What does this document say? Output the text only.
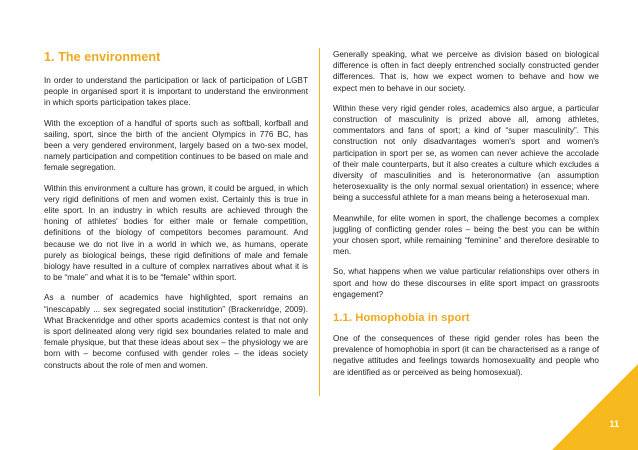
1. The environment

In order to understand the participation or lack of participation of LGBT people in organised sport it is important to understand the environment in which sports participation takes place.

With the exception of a handful of sports such as softball, korfball and sailing, sport, since the birth of the ancient Olympics in 776 BC, has been a very gendered environment, largely based on a two-sex model, namely participation and competition continues to be based on male and female segregation.

Within this environment a culture has grown, it could be argued, in which very rigid definitions of men and women exist. Certainly this is true in elite sport. In an industry in which results are achieved through the honing of athletes' bodies for either male or female competition, definitions of the biology of competitors becomes paramount. And because we do not live in a world in which we, as humans, operate purely as biological beings, these rigid definitions of male and female biology have resulted in a culture of complex narratives about what it is to be “male” and what it is to be “female” within sport.

As a number of academics have highlighted, sport remains an “inescapably ... sex segregated social institution” (Brackenridge, 2009). What Brackenridge and other sports academics contest is that not only is sport delineated along very rigid sex boundaries related to male and female physique, but that these ideas about sex – the physiology we are born with – become confused with gender roles – the ideas society constructs about the role of men and women.

Generally speaking, what we perceive as division based on biological difference is often in fact deeply entrenched socially constructed gender differences. That is, how we expect women to behave and how we expect men to behave in our society.

Within these very rigid gender roles, academics also argue, a particular construction of masculinity is prized above all, among athletes, commentators and fans of sport; a kind of “super masculinity”. This construction not only disadvantages women's sport and women's participation in sport per se, as women can never achieve the accolade of their male counterparts, but it also creates a culture which excludes a diversity of masculinities and is heteronormative (an assumption heterosexuality is the only normal sexual orientation) in essence; where being a successful athlete for a man means being a heterosexual man.

Meanwhile, for elite women in sport, the challenge becomes a complex juggling of conflicting gender roles – being the best you can be within your chosen sport, while remaining “feminine” and therefore desirable to men.

So, what happens when we value particular relationships over others in sport and how do these discourses in elite sport impact on grassroots engagement?

1.1. Homophobia in sport

One of the consequences of these rigid gender roles has been the prevalence of homophobia in sport (it can be characterised as a range of negative attitudes and feelings towards homosexuality and people who are identified as or perceived as being homosexual).

11
